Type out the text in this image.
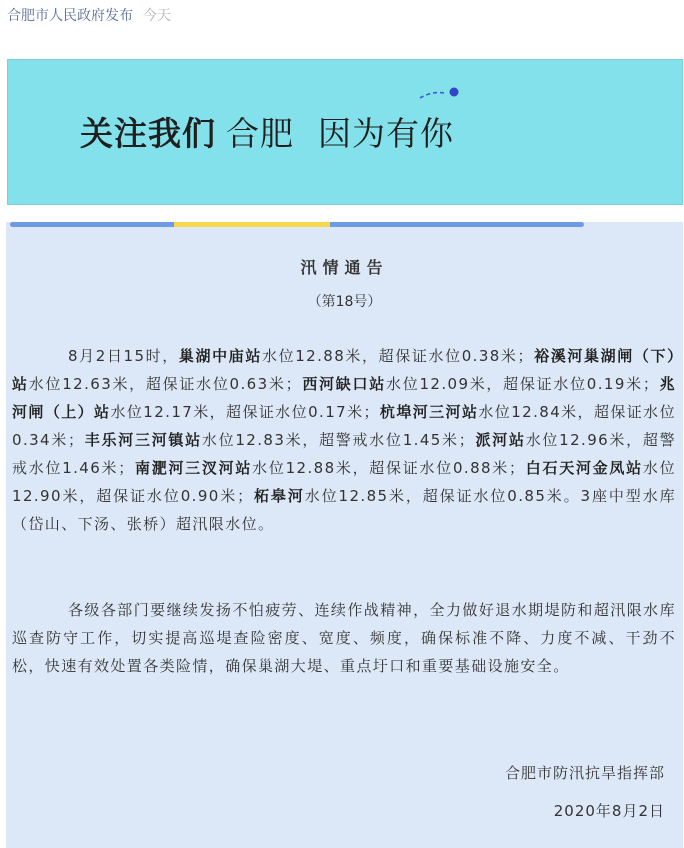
合肥市人民政府发布 今天
关注我们 合肥 因为有你
汛情通告
（第18号）

8月2日15时，巢湖中庙站水位12.88米，超保证水位0.38米；裕溪河巢湖闸（下）站水位12.63米，超保证水位0.63米；西河缺口站水位12.09米，超保证水位0.19米；兆河闸（上）站水位12.17米，超保证水位0.17米；杭埠河三河站水位12.84米，超保证水位0.34米；丰乐河三河镇站水位12.83米，超警戒水位1.45米；派河站水位12.96米，超警戒水位1.46米；南淝河三汊河站水位12.88米，超保证水位0.88米；白石天河金凤站水位12.90米，超保证水位0.90米；柘皋河水位12.85米，超保证水位0.85米。3座中型水库 （岱山、下汤、张桥）超汛限水位。

各级各部门要继续发扬不怕疲劳、连续作战精神，全力做好退水期堤防和超汛限水库巡查防守工作，切实提高巡堤查险密度、宽度、频度，确保标准不降、力度不减、干劲不松，快速有效处置各类险情，确保巢湖大堤、重点圩口和重要基础设施安全。

合肥市防汛抗旱指挥部
2020年8月2日
